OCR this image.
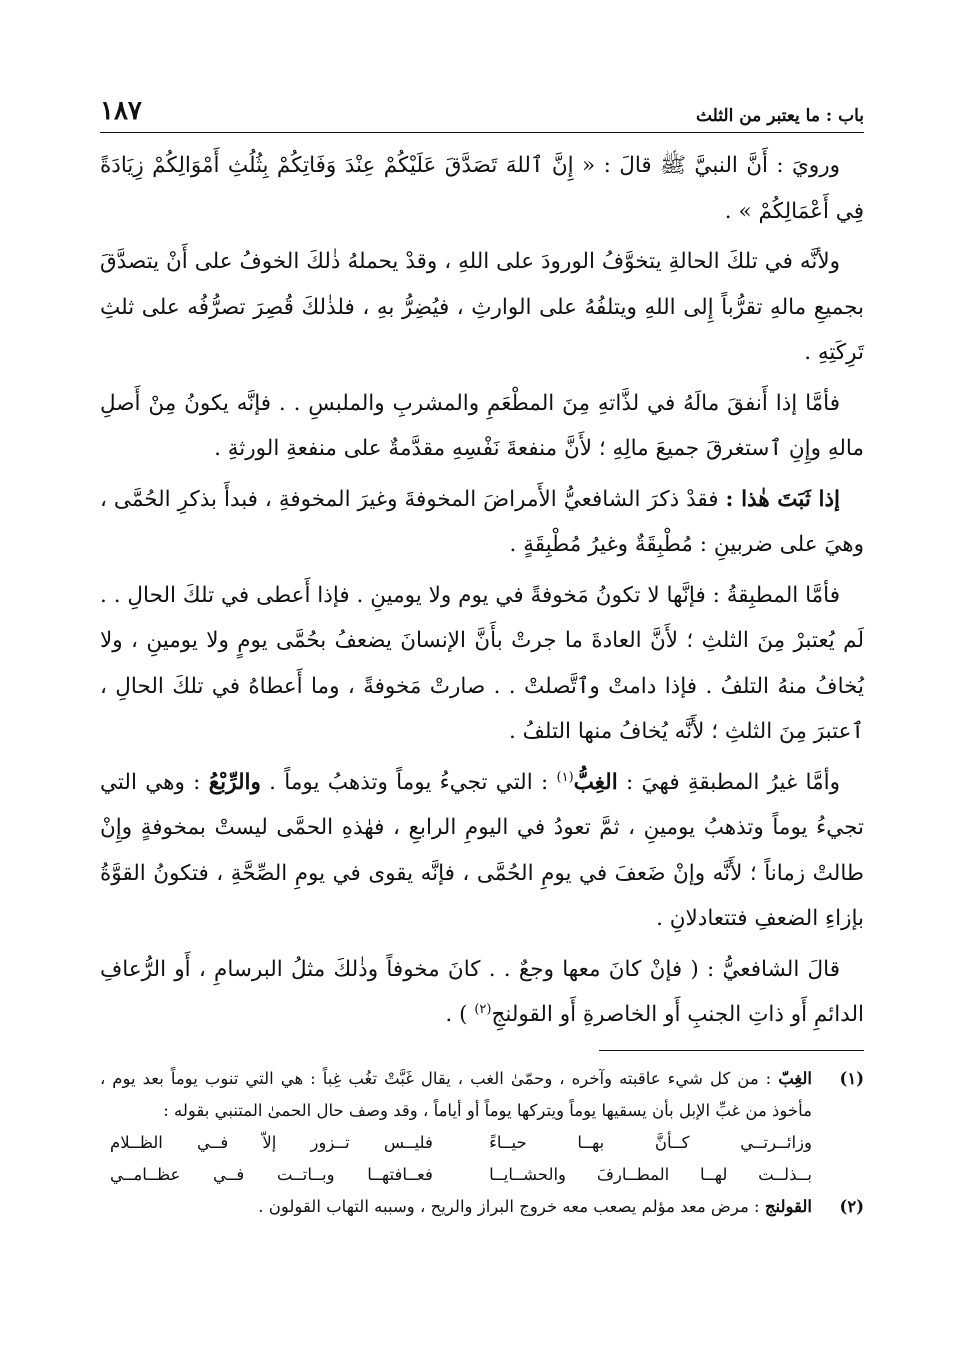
باب : ما يعتبر من الثلث
١٨٧

ورويَ : أَنَّ النبيَّ ﷺ قالَ : « إِنَّ ٱللهَ تَصَدَّقَ عَلَيْكُمْ عِنْدَ وَفَاتِكُمْ بِثُلُثِ أَمْوَالِكُمْ زِيَادَةً فِي أَعْمَالِكُمْ » .

ولأنَّه في تلكَ الحالةِ يتخوَّفُ الورودَ على اللهِ ، وقدْ يحملهُ ذٰلكَ الخوفُ على أَنْ يتصدَّقَ بجميعِ مالهِ تقرُّباً إِلى اللهِ ويتلفُهُ على الوارثِ ، فيُضِرُّ بهِ ، فلذٰلكَ قُصِرَ تصرُّفُه على ثلثِ تَرِكَتِهِ .

فأمَّا إذا أَنفقَ مالَهُ في لذَّاتهِ مِنَ المطْعَمِ والمشربِ والملبسِ . . فإنَّه يكونُ مِنْ أَصلِ مالهِ وإِنِ ٱستغرقَ جميعَ مالِهِ ؛ لأَنَّ منفعةَ نَفْسِهِ مقدَّمةٌ على منفعةِ الورثةِ .

إذا ثَبَتَ هٰذا : فقدْ ذكرَ الشافعيُّ الأَمراضَ المخوفةَ وغيرَ المخوفةِ ، فبدأَ بذكرِ الحُمَّى ، وهيَ على ضربينِ : مُطْبِقَةٌ وغيرُ مُطْبِقَةٍ .

فأمَّا المطبِقةُ : فإنَّها لا تكونُ مَخوفةً في يوم ولا يومينِ . فإذا أَعطى في تلكَ الحالِ . . لَم يُعتبرْ مِنَ الثلثِ ؛ لأَنَّ العادةَ ما جرتْ بأَنَّ الإنسانَ يضعفُ بحُمَّى يومٍ ولا يومينِ ، ولا يُخافُ منهُ التلفُ . فإذا دامتْ وٱتَّصلتْ . . صارتْ مَخوفةً ، وما أَعطاهُ في تلكَ الحالِ ، ٱعتبرَ مِنَ الثلثِ ؛ لأَنَّه يُخافُ منها التلفُ .

وأمَّا غيرُ المطبقةِ فهيَ : الغِبُّ$^{(١)}$ : التي تجيءُ يوماً وتذهبُ يوماً . والرِّبْعُ : وهي التي تجيءُ يوماً وتذهبُ يومينِ ، ثمَّ تعودُ في اليومِ الرابعِ ، فهٰذهِ الحمَّى ليستْ بمخوفةٍ وإِنْ طالتْ زماناً ؛ لأَنَّه وإنْ ضَعفَ في يومِ الحُمَّى ، فإنَّه يقوى في يومِ الصِّحَّةِ ، فتكونُ القوَّةُ بإزاءِ الضعفِ فتتعادلانِ .

قالَ الشافعيُّ : ( فإنْ كانَ معها وجعٌ . . كانَ مخوفاً وذٰلكَ مثلُ البرسامِ ، أَو الرُّعافِ الدائمِ أَو ذاتِ الجنبِ أَو الخاصرةِ أَو القولنجِ$^{(٢)}$ ) .

(١)
الغِبّ : من كل شيء عاقبته وآخره ، وحمّىٰ الغب ، يقال غَبَّتْ تغُب غِباً : هي التي تنوب يوماً بعد يوم ، مأخوذ من غبِّ الإبل بأن يسقيها يوماً ويتركها يوماً أو أياماً ، وقد وصف حال الحمىٰ المتنبي بقوله :
وزائــرتــي كــأنَّ بهــا حيــاءً
فليــس تــزور إلاّ فــي الظــلام
بــذلــت لهــا المطــارفَ والحشــايــا
فعــافتهــا وبــاتــت فــي عظــامــي
(٢)
القولنج : مرض معد مؤلم يصعب معه خروج البراز والريح ، وسببه التهاب القولون .
